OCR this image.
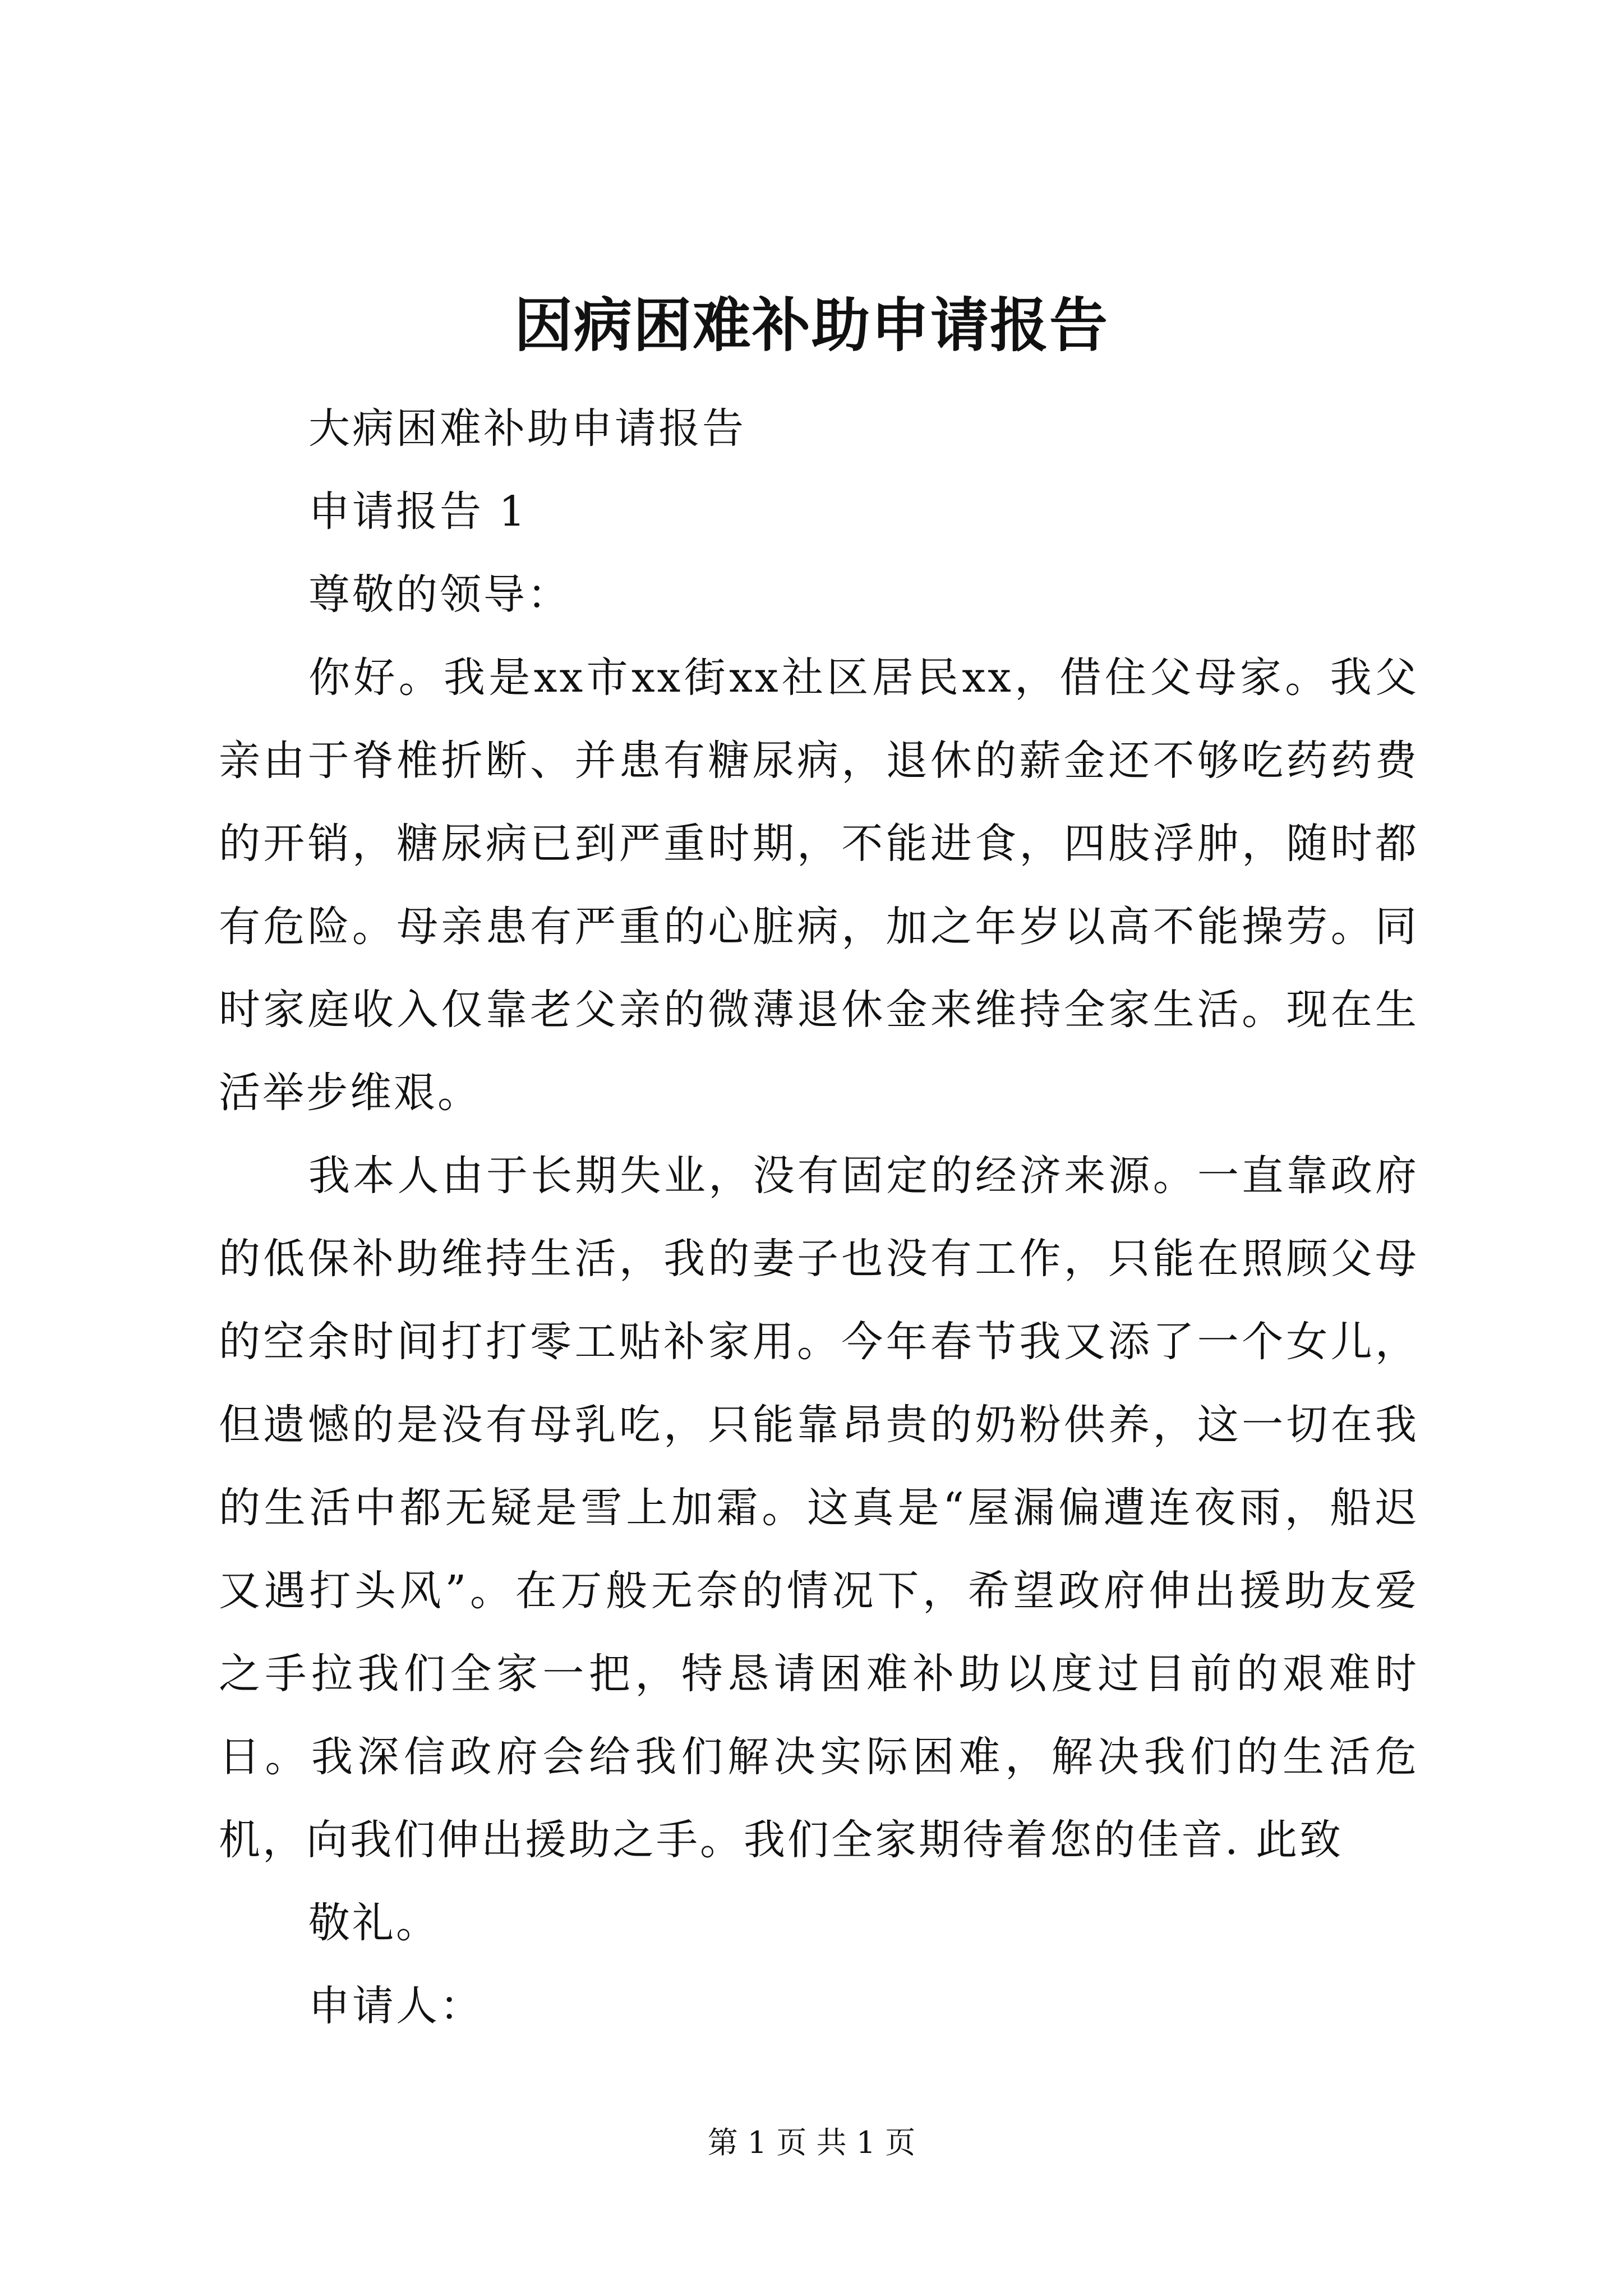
因病困难补助申请报告

大病困难补助申请报告

申请报告 1

尊敬的领导：

你好。我是xx市xx街xx社区居民xx，借住父母家。我父亲由于脊椎折断、并患有糖尿病，退休的薪金还不够吃药药费的开销，糖尿病已到严重时期，不能进食，四肢浮肿，随时都有危险。母亲患有严重的心脏病，加之年岁以高不能操劳。同时家庭收入仅靠老父亲的微薄退休金来维持全家生活。现在生活举步维艰。

我本人由于长期失业，没有固定的经济来源。一直靠政府的低保补助维持生活，我的妻子也没有工作，只能在照顾父母的空余时间打打零工贴补家用。今年春节我又添了一个女儿，但遗憾的是没有母乳吃，只能靠昂贵的奶粉供养，这一切在我的生活中都无疑是雪上加霜。这真是“屋漏偏遭连夜雨，船迟又遇打头风”。在万般无奈的情况下，希望政府伸出援助友爱之手拉我们全家一把，特恳请困难补助以度过目前的艰难时日。我深信政府会给我们解决实际困难，解决我们的生活危机，向我们伸出援助之手。我们全家期待着您的佳音. 此致

敬礼。

申请人：

第 1 页 共 1 页
